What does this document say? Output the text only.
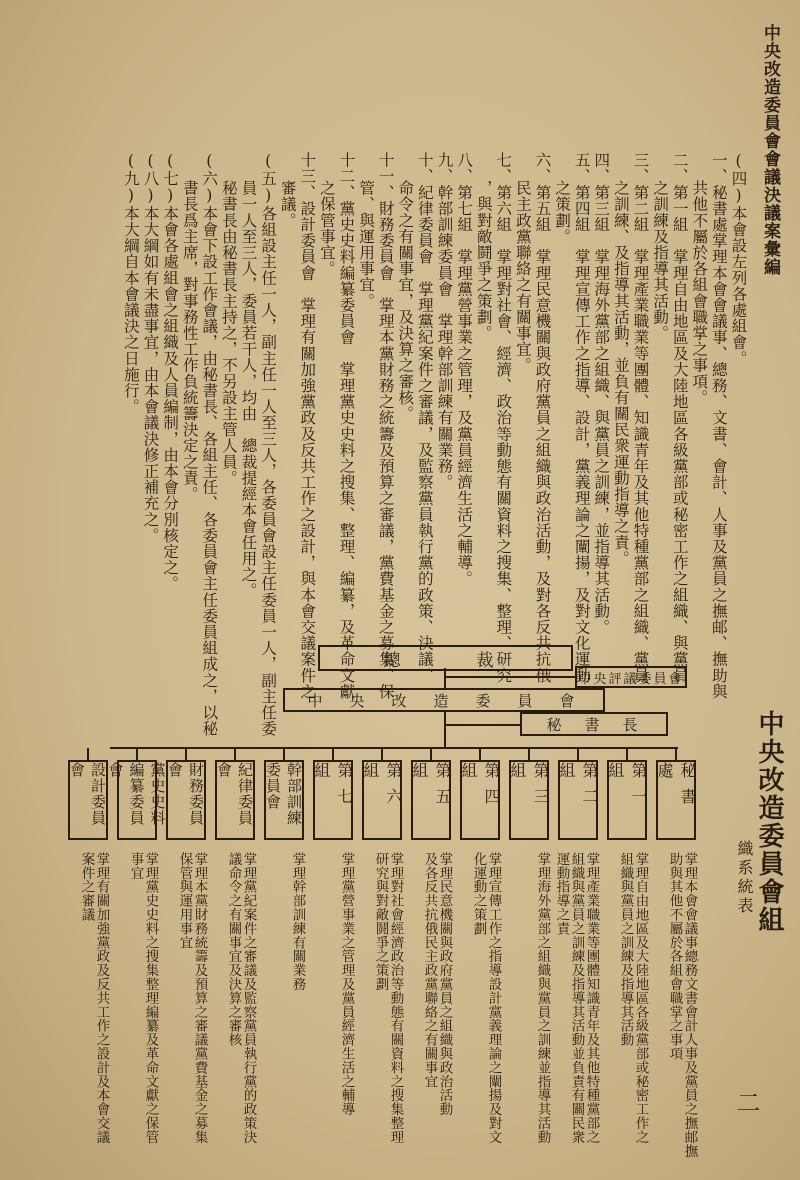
中央改造委員會會議決議案彙編
(四)本會設左列各處組會。
一、秘書處掌理本會會議事、總務、文書、會計、人事及黨員之撫邮、撫助與
共他不屬於各組會職掌之事項。
二、第一組　掌理自由地區及大陸地區各級黨部或秘密工作之組織、與黨員
之訓練及指導其活動。
三、第二組　掌理產業職業等團體、知識青年及其他特種黨部之組織、黨員
之訓練、及指導其活動，並負有關民衆運動指導之責。
四、第三組　掌理海外黨部之組織、與黨員之訓練，並指導其活動。
五、第四組　掌理宣傳工作之指導、設計，黨義理論之闡揚，及對文化運動
之策劃。
六、第五組　掌理民意機關與政府黨員之組織與政治活動，及對各反共抗俄
民主政黨聯絡之有關事宜。
七、第六組　掌理對社會、經濟、政治等動態有關資料之搜集、整理、研究
，與對敵鬪爭之策劃。
八、第七組　掌理黨營事業之管理，及黨員經濟生活之輔導。
九、幹部訓練委員會　掌理幹部訓練有關業務。
十、紀律委員會　掌理黨紀案件之審議，及監察黨員執行黨的政策、決議、
命令之有關事宜，及決算之審核。
十一、財務委員會　掌理本黨財務之統籌及預算之審議，黨費基金之募集、保
管、與運用事宜。
十二、黨史史料編纂委員會　掌理黨史史料之搜集、整理、編纂，及革命文獻
之保管事宜。
十三、設計委員會　掌理有關加強黨政及反共工作之設計，與本會交議案件之
審議。
(五)各組設主任一人，副主任一人至三人，各委員會設主任委員一人，副主任委
員一人至三人，委員若干人，均由　總裁提經本會任用之。
秘書長由秘書長主持之，不另設主管人員。
(六)本會下設工作會議，由秘書長、各組主任、各委員會主任委員組成之，以秘
書長爲主席，對事務性工作負統籌決定之責。
(七)本會各處組會之組織及人員編制，由本會分別核定之。
(八)本大綱如有未盡事宜，由本會議決修正補充之。
(九)本大綱自本會議決之日施行。
總　　裁
中央評議委員會
中　央　改　造　委　員　會
秘　書　長
秘書處
第一組
第二組
第三組
第四組
第五組
第六組
第七組
幹部訓練委員會
紀律委員會
財務委員會
黨史史料編纂委員會
設計委員會
掌理本會會議事總務文書會計人事及黨員之撫邮撫
助與其他不屬於各組會職掌之事項
掌理自由地區及大陸地區各級黨部或秘密工作之
組織與黨員之訓練及指導其活動
掌理產業職業等團體知識青年及其他特種黨部之
組織與黨員之訓練及指導其活動並負責有關民衆
運動指導之責
掌理海外黨部之組織與黨員之訓練並指導其活動
掌理宣傳工作之指導設計黨義理論之闡揚及對文
化運動之策劃
掌理民意機關與政府黨員之組織與政治活動
及各反共抗俄民主政黨聯絡之有關事宜
掌理對社會經濟政治等動態有關資料之搜集整理
研究與對敵鬪爭之策劃
掌理黨營事業之管理及黨員經濟生活之輔導
掌理幹部訓練有關業務
掌理黨紀案件之審議及監察黨員執行黨的政策決
議命令之有關事宜及決算之審核
掌理本黨財務統籌及預算之審議黨費基金之募集
保管與運用事宜
掌理黨史史料之搜集整理編纂及革命文獻之保管
事宜
掌理有關加強黨政及反共工作之設計及本會交議
案件之審議	中央改造委員會組
織系統表
二
